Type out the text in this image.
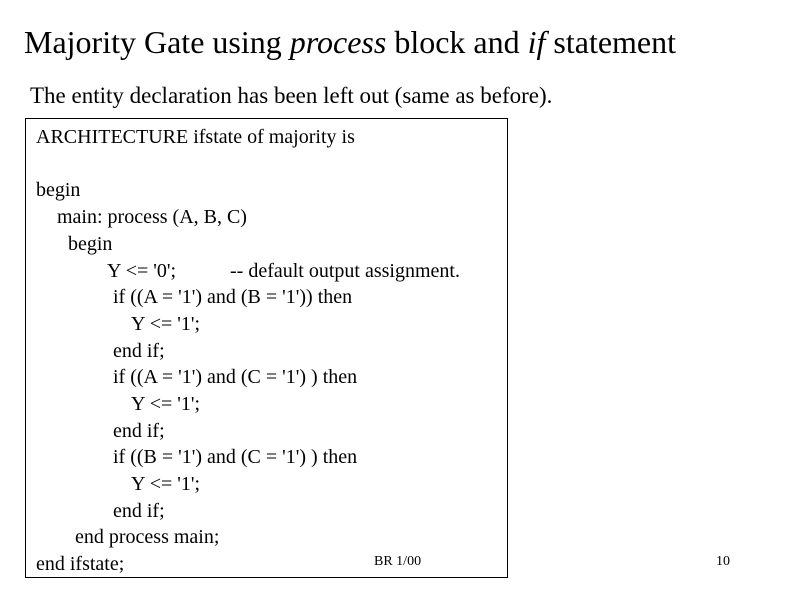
Majority Gate using process block and if statement
The entity declaration has been left out (same as before).
ARCHITECTURE ifstate of majority is
begin
main: process (A, B, C)
begin
Y <= '0';	-- default output assignment.
if ((A = '1') and (B = '1')) then
Y <= '1';
end if;
if ((A = '1') and (C = '1') ) then
Y <= '1';
end if;
if ((B = '1') and (C = '1') ) then
Y <= '1';
end if;
end process main;
end ifstate;	BR 1/00	10
